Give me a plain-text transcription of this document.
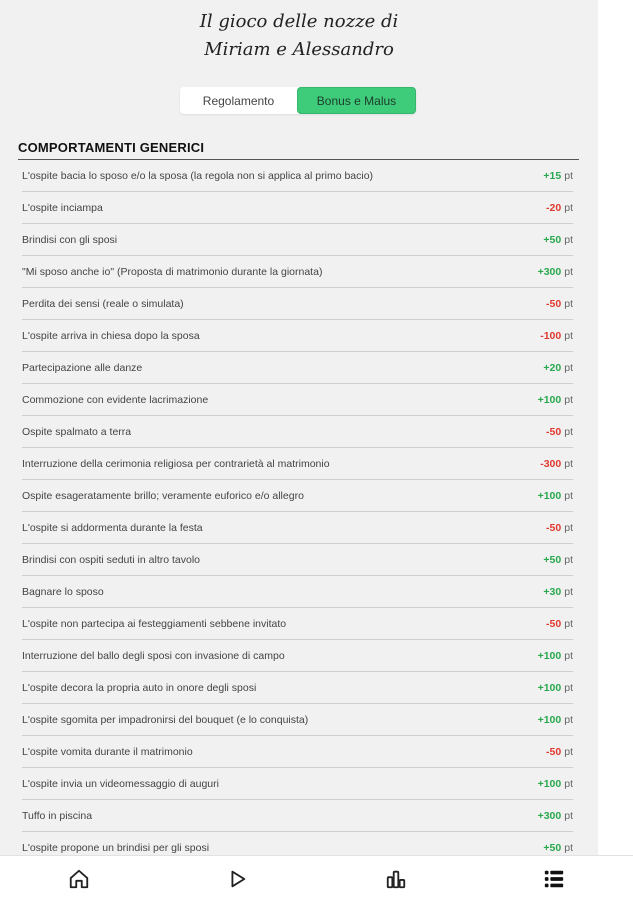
Il gioco delle nozze di
Miriam e Alessandro
Regolamento	Bonus e Malus
COMPORTAMENTI GENERICI
L'ospite bacia lo sposo e/o la sposa (la regola non si applica al primo bacio)	+15 pt
L'ospite inciampa	-20 pt
Brindisi con gli sposi	+50 pt
"Mi sposo anche io" (Proposta di matrimonio durante la giornata)	+300 pt
Perdita dei sensi (reale o simulata)	-50 pt
L'ospite arriva in chiesa dopo la sposa	-100 pt
Partecipazione alle danze	+20 pt
Commozione con evidente lacrimazione	+100 pt
Ospite spalmato a terra	-50 pt
Interruzione della cerimonia religiosa per contrarietà al matrimonio	-300 pt
Ospite esageratamente brillo; veramente euforico e/o allegro	+100 pt
L'ospite si addormenta durante la festa	-50 pt
Brindisi con ospiti seduti in altro tavolo	+50 pt
Bagnare lo sposo	+30 pt
L'ospite non partecipa ai festeggiamenti sebbene invitato	-50 pt
Interruzione del ballo degli sposi con invasione di campo	+100 pt
L'ospite decora la propria auto in onore degli sposi	+100 pt
L'ospite sgomita per impadronirsi del bouquet (e lo conquista)	+100 pt
L'ospite vomita durante il matrimonio	-50 pt
L'ospite invia un videomessaggio di auguri	+100 pt
Tuffo in piscina	+300 pt
L'ospite propone un brindisi per gli sposi	+50 pt
